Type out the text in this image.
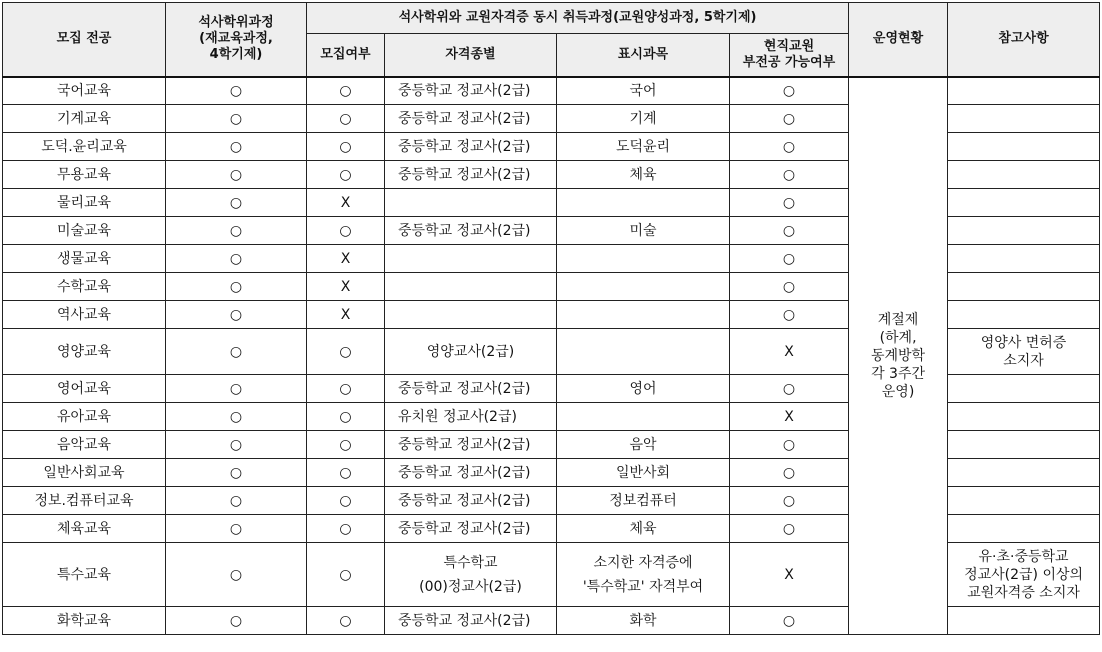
모집 전공	석사학위과정
(재교육과정,
4학기제)	석사학위와 교원자격증 동시 취득과정(교원양성과정, 5학기제)				운영현황	참고사항
		모집여부	자격종별	표시과목	현직교원
부전공 가능여부		
국어교육	○	○	중등학교 정교사(2급)	국어	○	계절제
(하계,
동계방학
각 3주간
운영)	
기계교육	○	○	중등학교 정교사(2급)	기계	○		
도덕.윤리교육	○	○	중등학교 정교사(2급)	도덕윤리	○		
무용교육	○	○	중등학교 정교사(2급)	체육	○		
물리교육	○	X			○		
미술교육	○	○	중등학교 정교사(2급)	미술	○		
생물교육	○	X			○		
수학교육	○	X			○		
역사교육	○	X			○		
영양교육	○	○	영양교사(2급)		X		영양사 면허증
소지자
영어교육	○	○	중등학교 정교사(2급)	영어	○		
유아교육	○	○	유치원 정교사(2급)		X		
음악교육	○	○	중등학교 정교사(2급)	음악	○		
일반사회교육	○	○	중등학교 정교사(2급)	일반사회	○		
정보.컴퓨터교육	○	○	중등학교 정교사(2급)	정보컴퓨터	○		
체육교육	○	○	중등학교 정교사(2급)	체육	○		
특수교육	○	○	특수학교
(00)정교사(2급)	소지한 자격증에
'특수학교' 자격부여	X		유·초·중등학교
정교사(2급) 이상의
교원자격증 소지자
화학교육	○	○	중등학교 정교사(2급)	화학	○		
